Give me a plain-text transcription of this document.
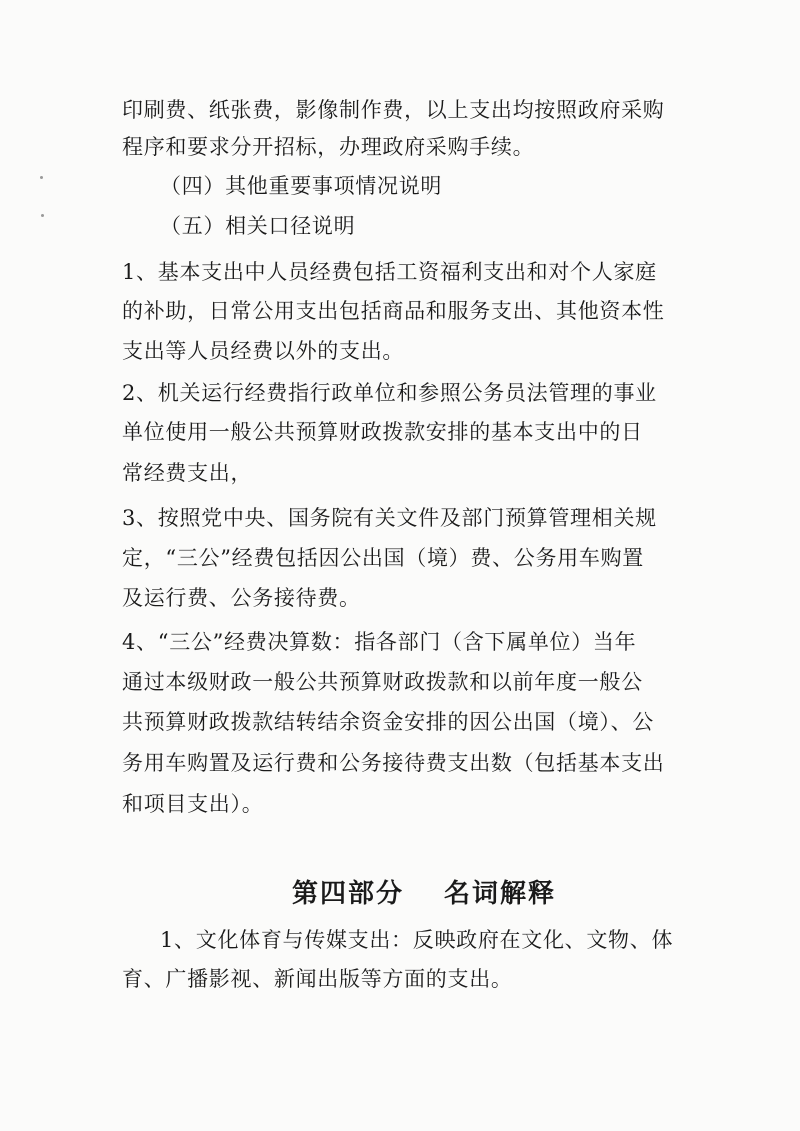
印刷费、纸张费，影像制作费，以上支出均按照政府采购
程序和要求分开招标，办理政府采购手续。
（四）其他重要事项情况说明
（五）相关口径说明
1、基本支出中人员经费包括工资福利支出和对个人家庭
的补助，日常公用支出包括商品和服务支出、其他资本性
支出等人员经费以外的支出。
2、机关运行经费指行政单位和参照公务员法管理的事业
单位使用一般公共预算财政拨款安排的基本支出中的日
常经费支出，
3、按照党中央、国务院有关文件及部门预算管理相关规
定，“三公”经费包括因公出国（境）费、公务用车购置
及运行费、公务接待费。
4、“三公”经费决算数：指各部门（含下属单位）当年
通过本级财政一般公共预算财政拨款和以前年度一般公
共预算财政拨款结转结余资金安排的因公出国（境）、公
务用车购置及运行费和公务接待费支出数（包括基本支出
和项目支出）。
第四部分 名词解释
1、文化体育与传媒支出：反映政府在文化、文物、体
育、广播影视、新闻出版等方面的支出。
